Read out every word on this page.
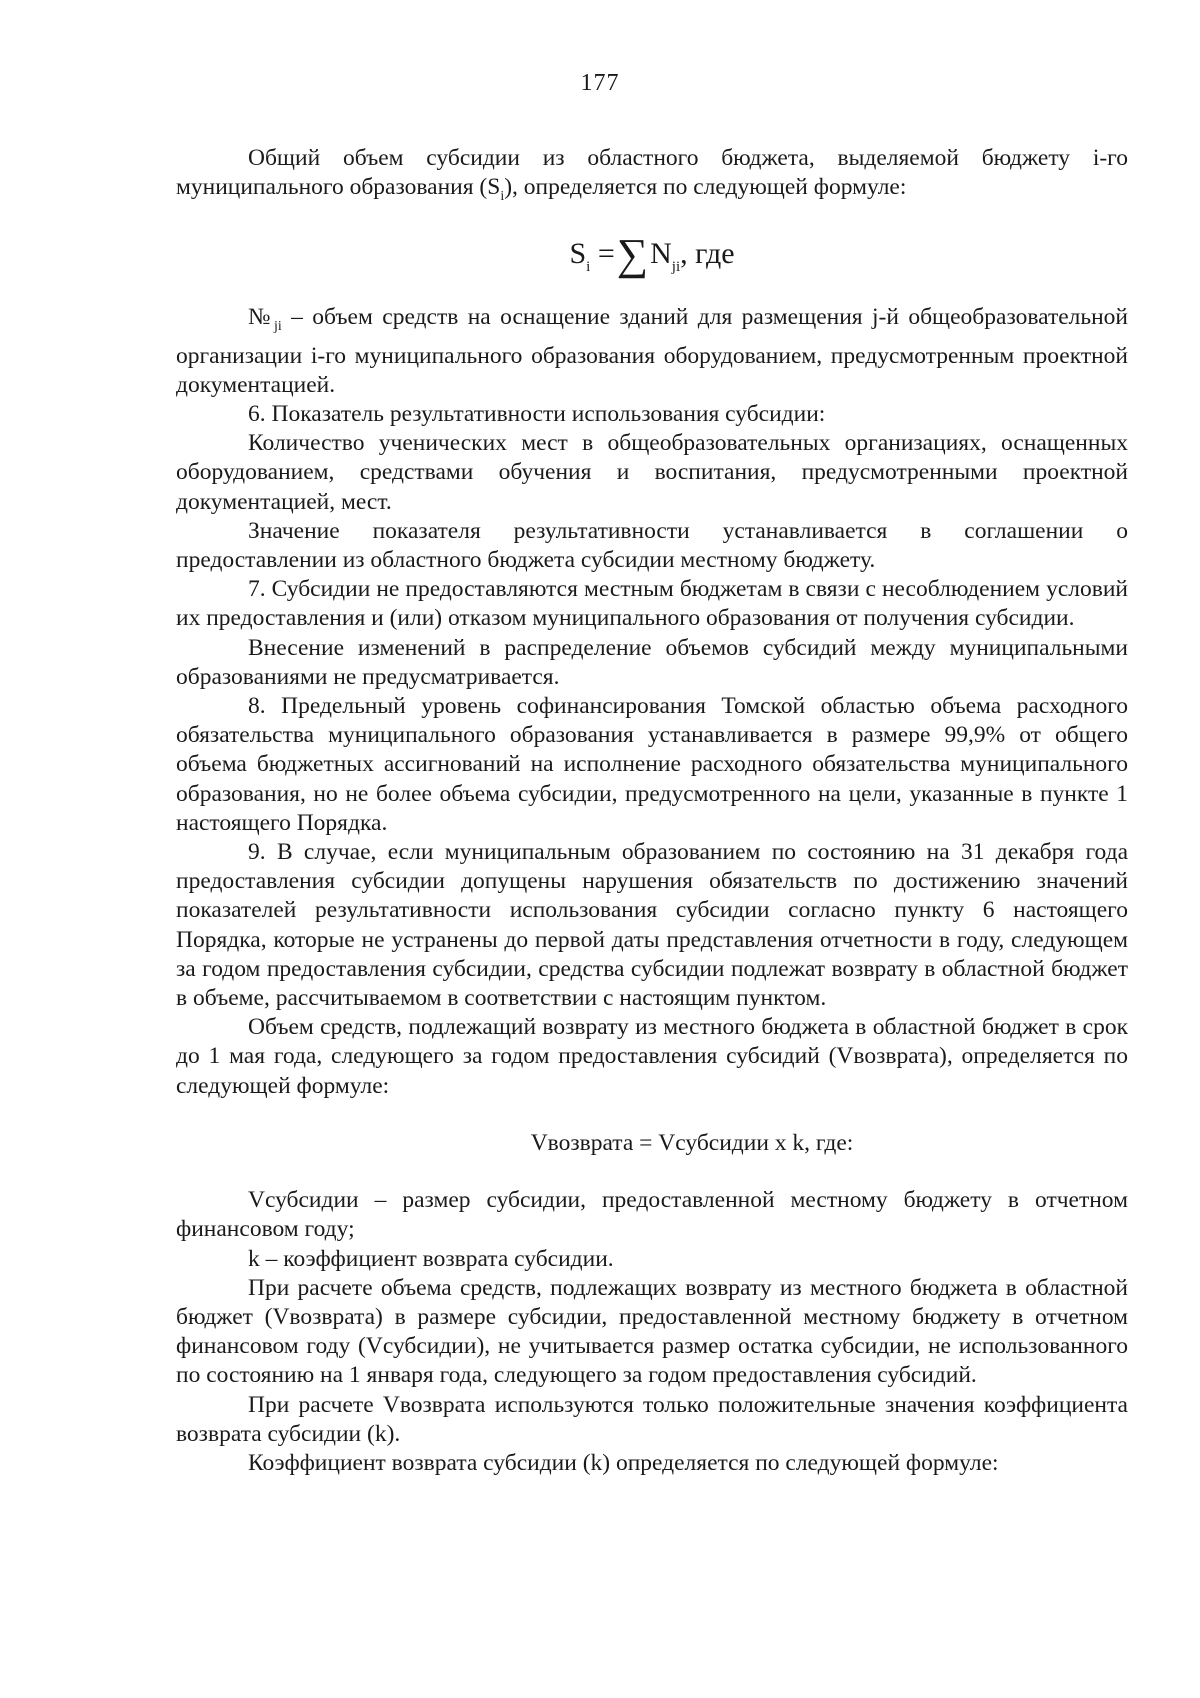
177

Общий объем субсидии из областного бюджета, выделяемой бюджету i-го муниципального образования $(S_i)$, определяется по следующей формуле:

$S_i =\sum N_{ji}$, где

$№_{ji}$ – объем средств на оснащение зданий для размещения j-й общеобразовательной организации i-го муниципального образования оборудованием, предусмотренным проектной документацией.

6. Показатель результативности использования субсидии:

Количество ученических мест в общеобразовательных организациях, оснащенных оборудованием, средствами обучения и воспитания, предусмотренными проектной документацией, мест.

Значение показателя результативности устанавливается в соглашении о предоставлении из областного бюджета субсидии местному бюджету.

7. Субсидии не предоставляются местным бюджетам в связи с несоблюдением условий их предоставления и (или) отказом муниципального образования от получения субсидии.

Внесение изменений в распределение объемов субсидий между муниципальными образованиями не предусматривается.

8. Предельный уровень софинансирования Томской областью объема расходного обязательства муниципального образования устанавливается в размере 99,9% от общего объема бюджетных ассигнований на исполнение расходного обязательства муниципального образования, но не более объема субсидии, предусмотренного на цели, указанные в пункте 1 настоящего Порядка.

9. В случае, если муниципальным образованием по состоянию на 31 декабря года предоставления субсидии допущены нарушения обязательств по достижению значений показателей результативности использования субсидии согласно пункту 6 настоящего Порядка, которые не устранены до первой даты представления отчетности в году, следующем за годом предоставления субсидии, средства субсидии подлежат возврату в областной бюджет в объеме, рассчитываемом в соответствии с настоящим пунктом.

Объем средств, подлежащий возврату из местного бюджета в областной бюджет в срок до 1 мая года, следующего за годом предоставления субсидий (Vвозврата), определяется по следующей формуле:

Vвозврата = Vсубсидии x k, где:

Vсубсидии – размер субсидии, предоставленной местному бюджету в отчетном финансовом году;

k – коэффициент возврата субсидии.

При расчете объема средств, подлежащих возврату из местного бюджета в областной бюджет (Vвозврата) в размере субсидии, предоставленной местному бюджету в отчетном финансовом году (Vсубсидии), не учитывается размер остатка субсидии, не использованного по состоянию на 1 января года, следующего за годом предоставления субсидий.

При расчете Vвозврата используются только положительные значения коэффициента возврата субсидии (k).

Коэффициент возврата субсидии (k) определяется по следующей формуле:
